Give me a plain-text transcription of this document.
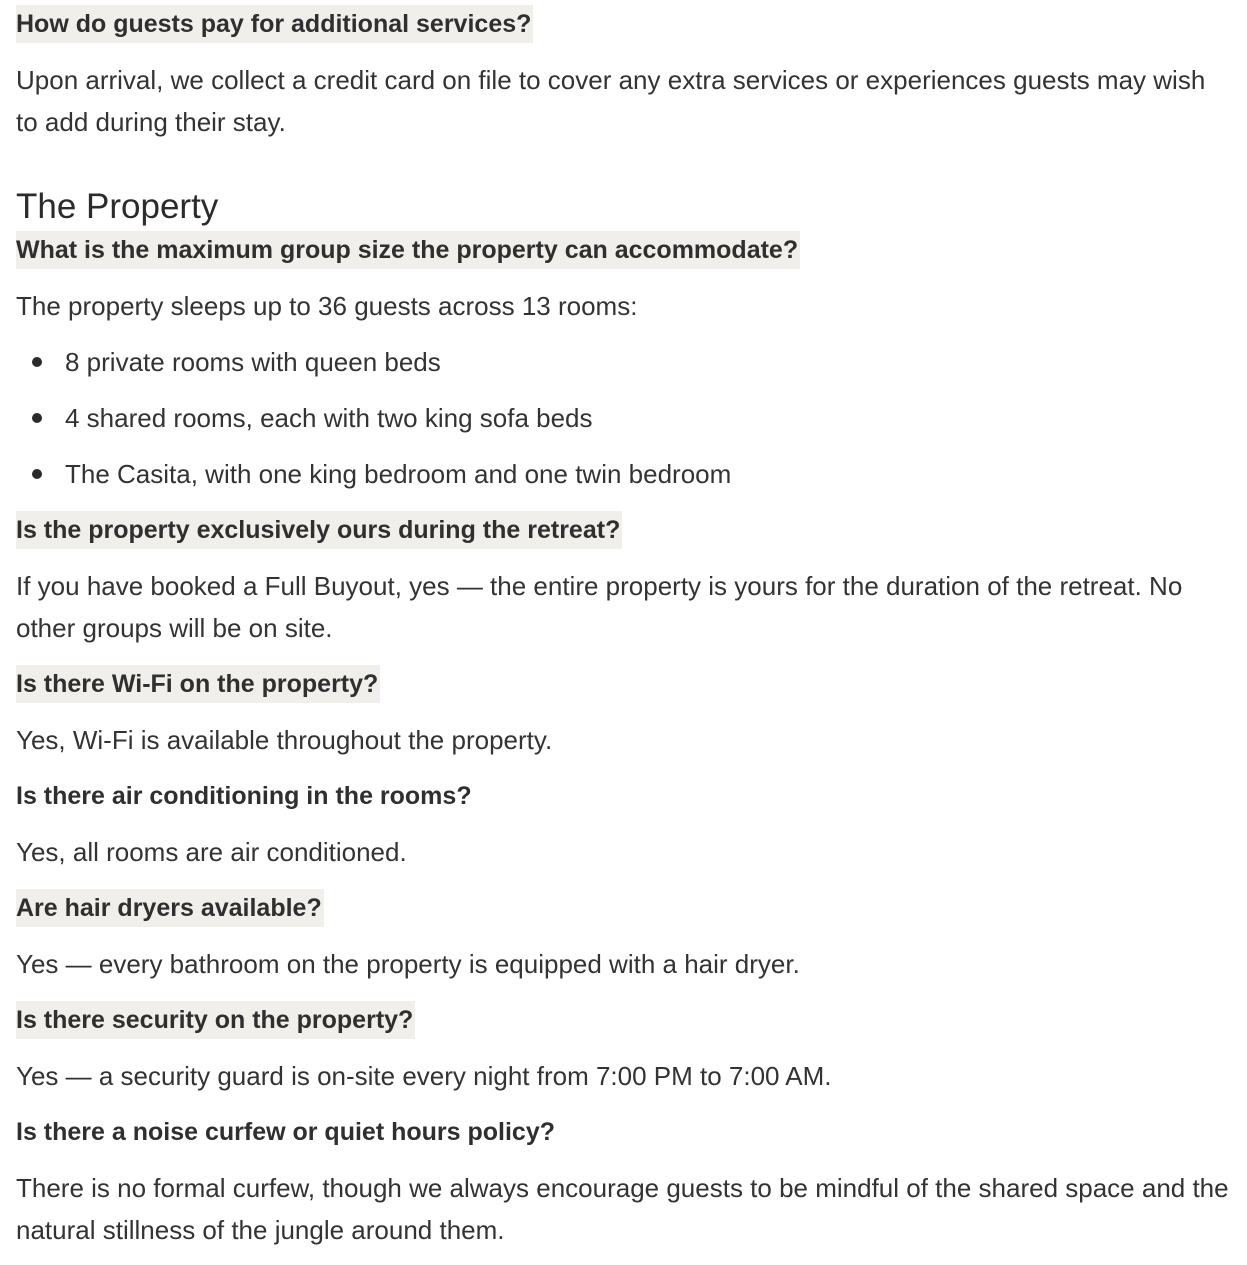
How do guests pay for additional services?

Upon arrival, we collect a credit card on file to cover any extra services or experiences guests may wish to add during their stay.

The Property
What is the maximum group size the property can accommodate?

The property sleeps up to 36 guests across 13 rooms:

8 private rooms with queen beds
4 shared rooms, each with two king sofa beds
The Casita, with one king bedroom and one twin bedroom
Is the property exclusively ours during the retreat?

If you have booked a Full Buyout, yes — the entire property is yours for the duration of the retreat. No other groups will be on site.

Is there Wi-Fi on the property?

Yes, Wi-Fi is available throughout the property.

Is there air conditioning in the rooms?

Yes, all rooms are air conditioned.

Are hair dryers available?

Yes — every bathroom on the property is equipped with a hair dryer.

Is there security on the property?

Yes — a security guard is on-site every night from 7:00 PM to 7:00 AM.

Is there a noise curfew or quiet hours policy?

There is no formal curfew, though we always encourage guests to be mindful of the shared space and the natural stillness of the jungle around them.
